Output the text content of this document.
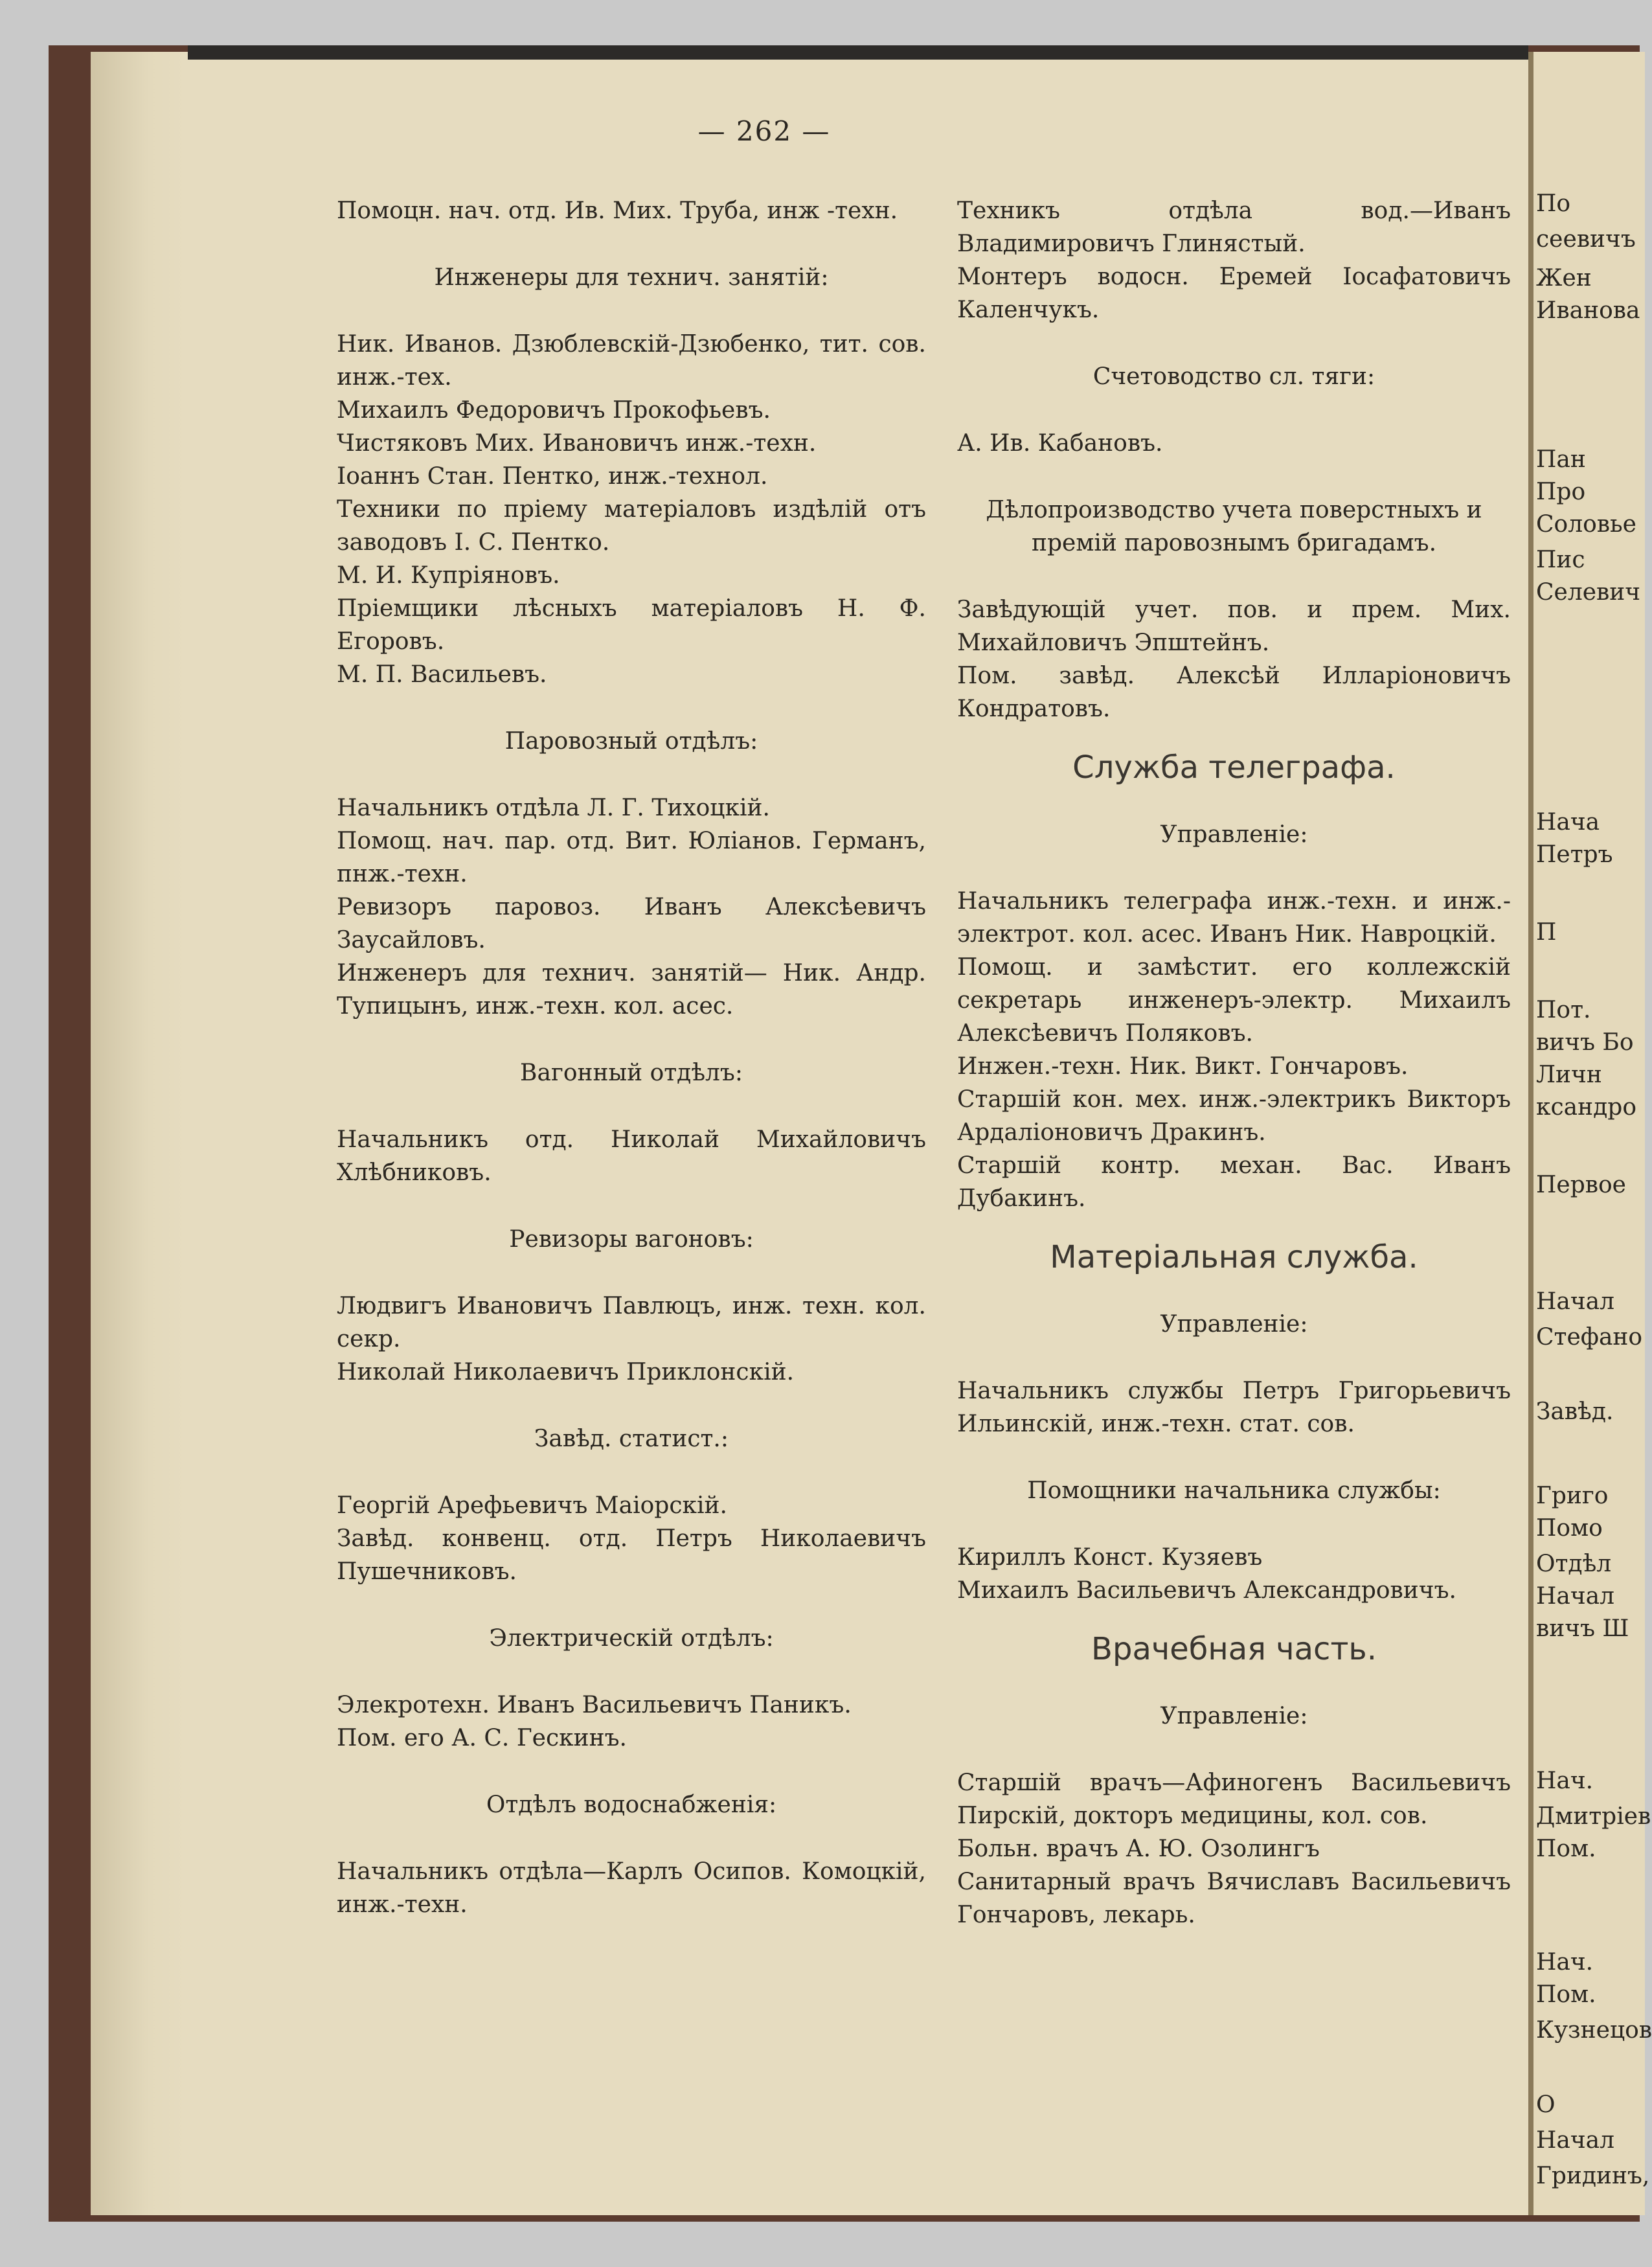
— 262 —
Помоцн. нач. отд. Ив. Мих. Труба, инж -техн.
Инженеры для технич. занятій:
Ник. Иванов. Дзюблевскій-Дзюбенко, тит. сов. инж.-тех.
Михаилъ Федоровичъ Прокофьевъ.
Чистяковъ Мих. Ивановичъ инж.-техн.
Іоаннъ Стан. Пентко, инж.-технол.
Техники по пріему матеріаловъ издѣлій отъ заводовъ І. С. Пентко.
М. И. Купріяновъ.
Пріемщики лѣсныхъ матеріаловъ Н. Ф. Егоровъ.
М. П. Васильевъ.
Паровозный отдѣлъ:
Начальникъ отдѣла Л. Г. Тихоцкій.
Помощ. нач. пар. отд. Вит. Юліанов. Германъ, пнж.-техн.
Ревизоръ паровоз. Иванъ Алексѣевичъ Заусайловъ.
Инженеръ для технич. занятій— Ник. Андр. Тупицынъ, инж.-техн. кол. асес.
Вагонный отдѣлъ:
Начальникъ отд. Николай Михайловичъ Хлѣбниковъ.
Ревизоры вагоновъ:
Людвигъ Ивановичъ Павлюцъ, инж. техн. кол. секр.
Николай Николаевичъ Приклонскій.
Завѣд. статист.:
Георгій Арефьевичъ Маіорскій.
Завѣд. конвенц. отд. Петръ Николаевичъ Пушечниковъ.
Электрическій отдѣлъ:
Элекротехн. Иванъ Васильевичъ Паникъ.
Пом. его А. С. Гескинъ.
Отдѣлъ водоснабженія:
Начальникъ отдѣла—Карлъ Осипов. Комоцкій, инж.-техн.
Техникъ отдѣла вод.—Иванъ Владимировичъ Глинястый.
Монтеръ водосн. Еремей Іосафатовичъ Каленчукъ.
Счетоводство сл. тяги:
А. Ив. Кабановъ.
Дѣлопроизводство учета поверстныхъ и премій паровознымъ бригадамъ.
Завѣдующій учет. пов. и прем. Мих. Михайловичъ Эпштейнъ.
Пом. завѣд. Алексѣй Илларіоновичъ Кондратовъ.
Служба телеграфа.
Управленіе:
Начальникъ телеграфа инж.-техн. и инж.-электрот. кол. асес. Иванъ Ник. Навроцкій.
Помощ. и замѣстит. его коллежскій секретарь инженеръ-электр. Михаилъ Алексѣевичъ Поляковъ.
Инжен.-техн. Ник. Викт. Гончаровъ.
Старшій кон. мех. инж.-электрикъ Викторъ Ардаліоновичъ Дракинъ.
Старшій контр. механ. Вас. Иванъ Дубакинъ.
Матеріальная служба.
Управленіе:
Начальникъ службы Петръ Григорьевичъ Ильинскій, инж.-техн. стат. сов.
Помощники начальника службы:
Кириллъ Конст. Кузяевъ
Михаилъ Васильевичъ Александровичъ.
Врачебная часть.
Управленіе:
Старшій врачъ—Афиногенъ Васильевичъ Пирскій, докторъ медицины, кол. сов.
Больн. врачъ А. Ю. Озолингъ
Санитарный врачъ Вячиславъ Васильевичъ Гончаровъ, лекарь.
По
сеевичъ
Жен
Иванова
Пан
Про
Соловье
Пис
Селевич
Нача
Петръ
П
Пот.
вичъ Бо
Личн
ксандро
Первое
Начал
Стефано
Завѣд.
Григо
Помо
Отдѣл
Начал
вичъ Ш
Нач.
Дмитріев
Пом.
Нач.
Пом.
Кузнецов
О
Начал
Гридинъ,
